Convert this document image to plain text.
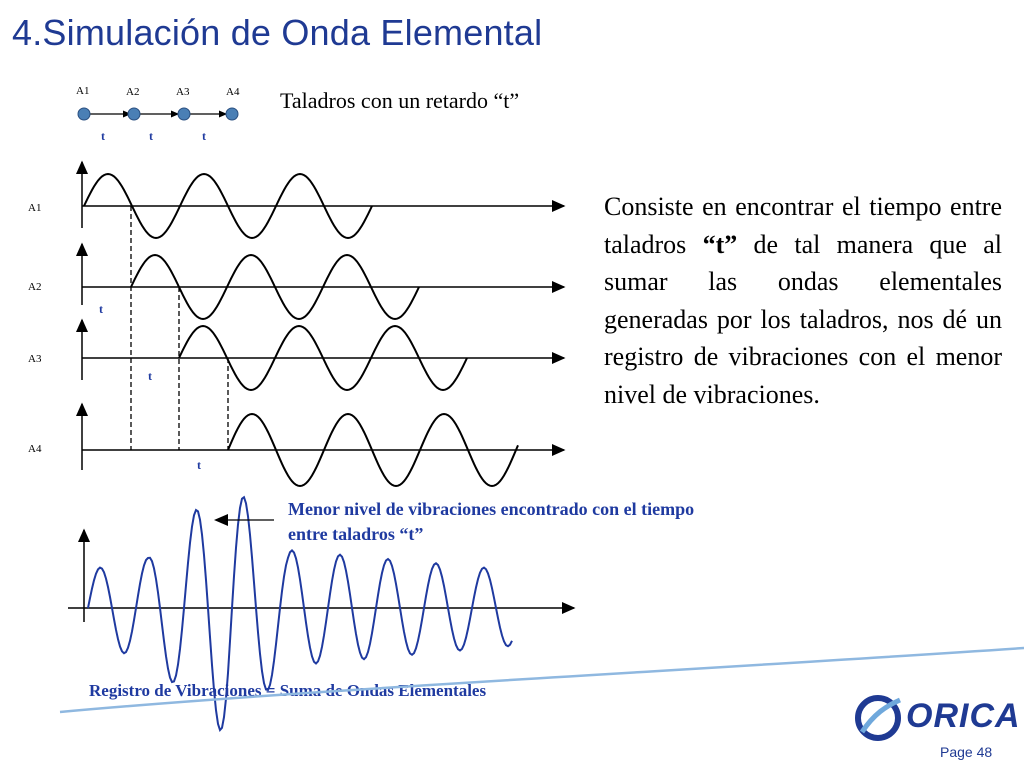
4.Simulación de Onda Elemental
Taladros con un retardo “t”

Consiste en encontrar el tiempo entre taladros “t” de tal manera que al sumar las ondas elementales generadas por los taladros, nos dé un registro de vibraciones con el menor nivel de vibraciones.

Menor nivel de vibraciones encontrado con el tiempo entre taladros “t”
Registro de Vibraciones = Suma de Ondas Elementales
A1	A2	A3	A4
t	t	t
A1
A2
A3
A4
t
t
t
ORICA
Page 48
